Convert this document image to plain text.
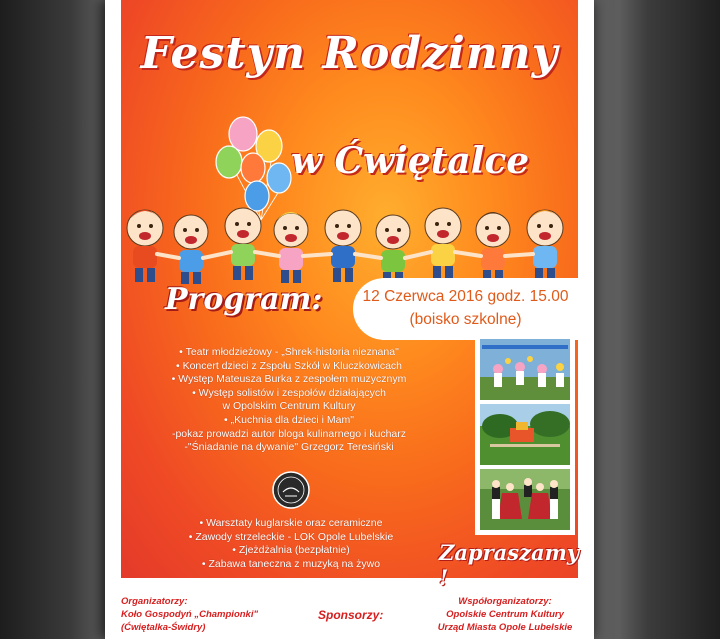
Festyn Rodzinny
w Ćwiętalce
Program:	12 Czerwca 2016 godz. 15.00
(boisko szkolne)
• Teatr młodzieżowy - „Shrek-historia nieznana"
• Koncert dzieci z Zspołu Szkół w Kluczkowicach
• Występ Mateusza Burka z zespołem muzycznym
• Występ solistów i zespołów działających
w Opolskim Centrum Kultury
• „Kuchnia dla dzieci i Mam"
-pokaz prowadzi autor bloga kulinarnego i kucharz
-"Śniadanie na dywanie" Grzegorz Teresiński
• Warsztaty kuglarskie oraz ceramiczne
• Zawody strzeleckie - LOK Opole Lubelskie
• Zjeżdżalnia (bezpłatnie)
• Zabawa taneczna z muzyką na żywo	Zapraszamy !
Organizatorzy:
Koło Gospodyń „Championki"
(Ćwiętalka-Świdry)
Sponsorzy:
Współorganizatorzy:
Opolskie Centrum Kultury
Urząd Miasta Opole Lubelskie
